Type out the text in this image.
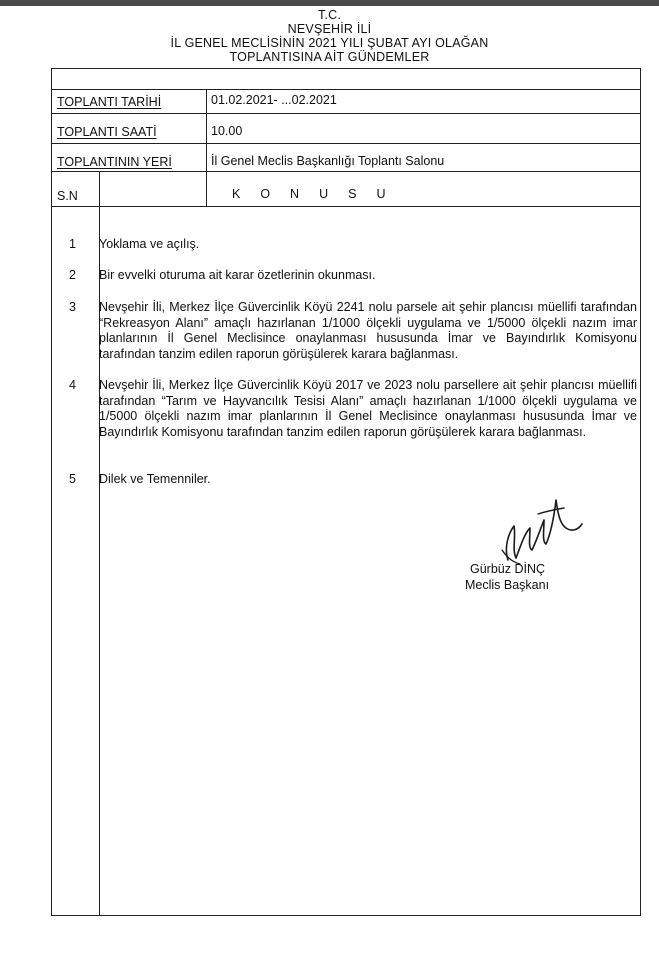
T.C.
NEVŞEHİR İLİ
İL GENEL MECLİSİNİN 2021 YILI ŞUBAT AYI OLAĞAN
TOPLANTISINA AİT GÜNDEMLER
TOPLANTI TARİHİ	01.02.2021- ...02.2021
TOPLANTI SAATİ	10.00
TOPLANTININ YERİ	İl Genel Meclis Başkanlığı Toplantı Salonu
S.N	KONUSU
1 Yoklama ve açılış.
2 Bir evvelki oturuma ait karar özetlerinin okunması.
3 Nevşehir İli, Merkez İlçe Güvercinlik Köyü 2241 nolu parsele ait şehir plancısı müellifi tarafından “Rekreasyon Alanı” amaçlı hazırlanan 1/1000 ölçekli uygulama ve 1/5000 ölçekli nazım imar planlarının İl Genel Meclisince onaylanması hususunda İmar ve Bayındırlık Komisyonu tarafından tanzim edilen raporun görüşülerek karara bağlanması.
4 Nevşehir İli, Merkez İlçe Güvercinlik Köyü 2017 ve 2023 nolu parsellere ait şehir plancısı müellifi tarafından “Tarım ve Hayvancılık Tesisi Alanı” amaçlı hazırlanan 1/1000 ölçekli uygulama ve 1/5000 ölçekli nazım imar planlarının İl Genel Meclisince onaylanması hususunda İmar ve Bayındırlık Komisyonu tarafından tanzim edilen raporun görüşülerek karara bağlanması.
5 Dilek ve Temenniler.
Gürbüz DİNÇ
Meclis Başkanı
